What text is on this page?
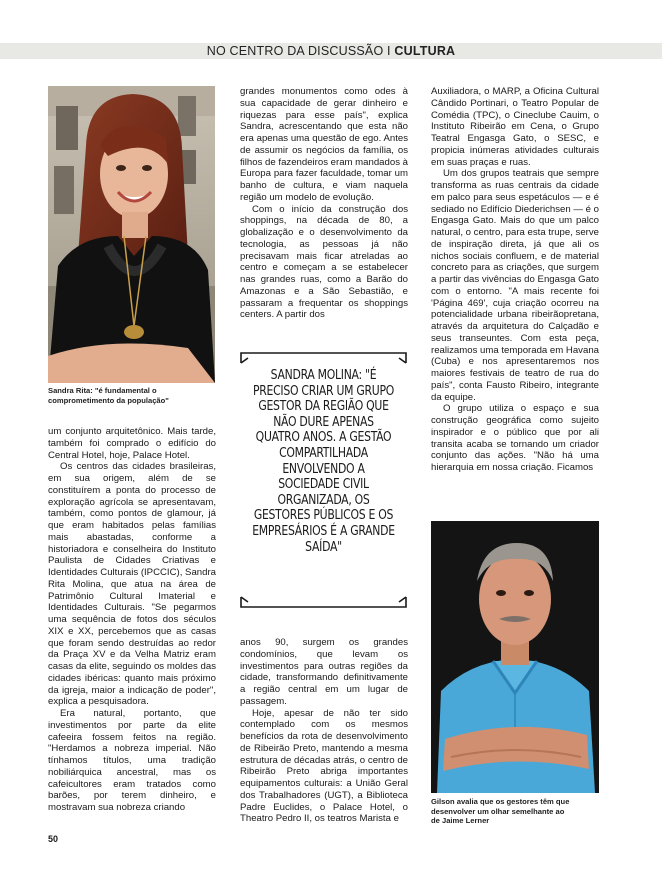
NO CENTRO DA DISCUSSÃO I CULTURA
Sandra Rita: "é fundamental o comprometimento da população"

um conjunto arquitetônico. Mais tarde, também foi comprado o edifício do Central Hotel, hoje, Palace Hotel.

Os centros das cidades brasileiras, em sua origem, além de se constituírem a ponta do processo de exploração agrícola se apresentavam, também, como pontos de glamour, já que eram habitados pelas famílias mais abastadas, conforme a historiadora e conselheira do Instituto Paulista de Cidades Criativas e Identidades Culturais (IPCCIC), Sandra Rita Molina, que atua na área de Patrimônio Cultural Imaterial e Identidades Culturais. "Se pegarmos uma sequência de fotos dos séculos XIX e XX, percebemos que as casas que foram sendo destruídas ao redor da Praça XV e da Velha Matriz eram casas da elite, seguindo os moldes das cidades ibéricas: quanto mais próximo da igreja, maior a indicação de poder", explica a pesquisadora.

Era natural, portanto, que investimentos por parte da elite cafeeira fossem feitos na região. "Herdamos a nobreza imperial. Não tínhamos títulos, uma tradição nobiliárquica ancestral, mas os cafeicultores eram tratados como barões, por terem dinheiro, e mostravam sua nobreza criando

grandes monumentos como odes à sua capacidade de gerar dinheiro e riquezas para esse país", explica Sandra, acrescentando que esta não era apenas uma questão de ego. Antes de assumir os negócios da família, os filhos de fazendeiros eram mandados à Europa para fazer faculdade, tomar um banho de cultura, e viam naquela região um modelo de evolução.

Com o início da construção dos shoppings, na década de 80, a globalização e o desenvolvimento da tecnologia, as pessoas já não precisavam mais ficar atreladas ao centro e começam a se estabelecer nas grandes ruas, como a Barão do Amazonas e a São Sebastião, e passaram a frequentar os shoppings centers. A partir dos

SANDRA MOLINA: "É PRECISO CRIAR UM GRUPO GESTOR DA REGIÃO QUE NÃO DURE APENAS QUATRO ANOS. A GESTÃO COMPARTILHADA ENVOLVENDO A SOCIEDADE CIVIL ORGANIZADA, OS GESTORES PÚBLICOS E OS EMPRESÁRIOS É A GRANDE SAÍDA"

anos 90, surgem os grandes condomínios, que levam os investimentos para outras regiões da cidade, transformando definitivamente a região central em um lugar de passagem.

Hoje, apesar de não ter sido contemplado com os mesmos benefícios da rota de desenvolvimento de Ribeirão Preto, mantendo a mesma estrutura de décadas atrás, o centro de Ribeirão Preto abriga importantes equipamentos culturais: a União Geral dos Trabalhadores (UGT), a Biblioteca Padre Euclides, o Palace Hotel, o Theatro Pedro II, os teatros Marista e

Auxiliadora, o MARP, a Oficina Cultural Cândido Portinari, o Teatro Popular de Comédia (TPC), o Cineclube Cauim, o Instituto Ribeirão em Cena, o Grupo Teatral Engasga Gato, o SESC, e propicia inúmeras atividades culturais em suas praças e ruas.

Um dos grupos teatrais que sempre transforma as ruas centrais da cidade em palco para seus espetáculos — e é sediado no Edifício Diederichsen — é o Engasga Gato. Mais do que um palco natural, o centro, para esta trupe, serve de inspiração direta, já que ali os nichos sociais confluem, e de material concreto para as criações, que surgem a partir das vivências do Engasga Gato com o entorno. "A mais recente foi 'Página 469', cuja criação ocorreu na potencialidade urbana ribeirãopretana, através da arquitetura do Calçadão e seus transeuntes. Com esta peça, realizamos uma temporada em Havana (Cuba) e nos apresentaremos nos maiores festivais de teatro de rua do país", conta Fausto Ribeiro, integrante da equipe.

O grupo utiliza o espaço e sua construção geográfica como sujeito inspirador e o público que por ali transita acaba se tornando um criador conjunto das ações. "Não há uma hierarquia em nossa criação. Ficamos

Gilson avalia que os gestores têm que desenvolver um olhar semelhante ao de Jaime Lerner
50
